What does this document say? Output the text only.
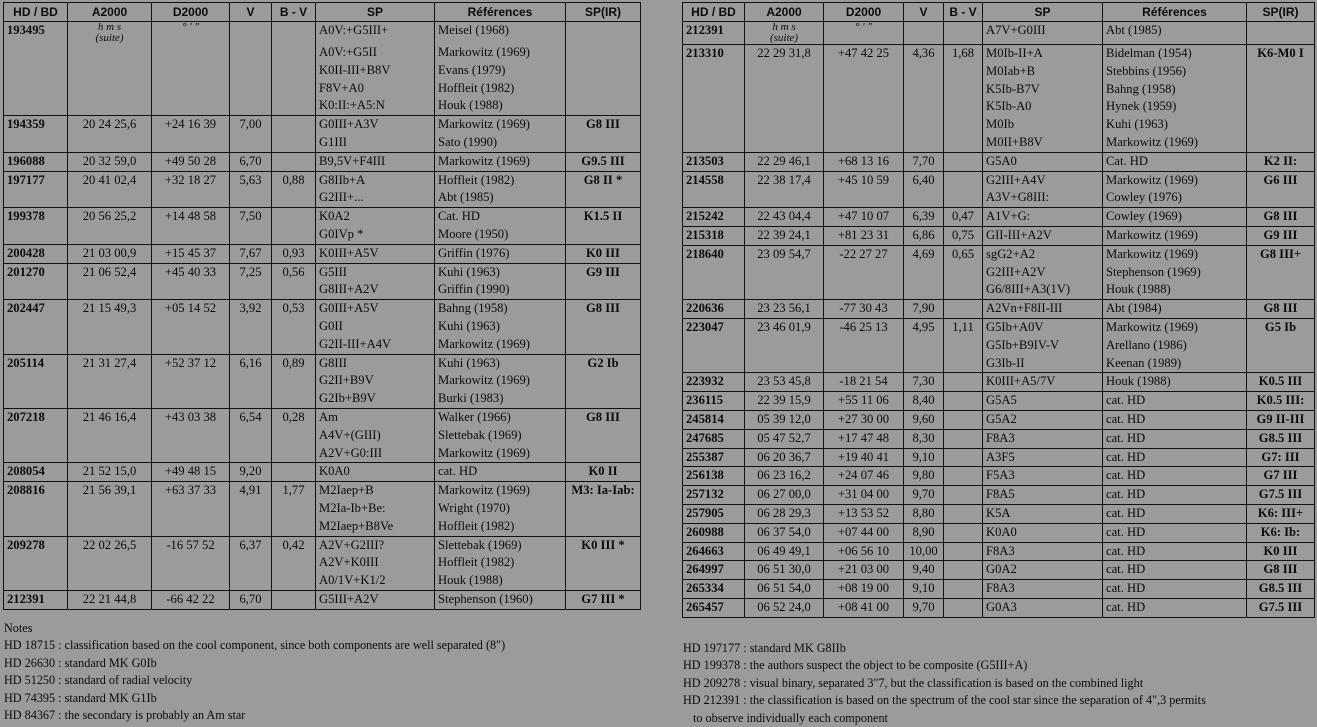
HD / BD	A2000	D2000	V	B - V	SP	Références	SP(IR)
193495	h m s
(suite)	° ' "			A0V:+G5III+	Meisel (1968)	
					A0V:+G5II	Markowitz (1969)	
					K0II-III+B8V	Evans (1979)	
					F8V+A0	Hoffleit (1982)	
					K0:II:+A5:N	Houk (1988)	
194359	20 24 25,6	+24 16 39	7,00		G0III+A3V	Markowitz (1969)	G8 III
					G1III	Sato (1990)	
196088	20 32 59,0	+49 50 28	6,70		B9,5V+F4III	Markowitz (1969)	G9.5 III
197177	20 41 02,4	+32 18 27	5,63	0,88	G8IIb+A	Hoffleit (1982)	G8 II *
					G2III+...	Abt (1985)	
199378	20 56 25,2	+14 48 58	7,50		K0A2	Cat. HD	K1.5 II
					G0IVp *	Moore (1950)	
200428	21 03 00,9	+15 45 37	7,67	0,93	K0III+A5V	Griffin (1976)	K0 III
201270	21 06 52,4	+45 40 33	7,25	0,56	G5III	Kuhi (1963)	G9 III
					G8III+A2V	Griffin (1990)	
202447	21 15 49,3	+05 14 52	3,92	0,53	G0III+A5V	Bahng (1958)	G8 III
					G0II	Kuhi (1963)	
					G2II-III+A4V	Markowitz (1969)	
205114	21 31 27,4	+52 37 12	6,16	0,89	G8III	Kuhi (1963)	G2 Ib
					G2II+B9V	Markowitz (1969)	
					G2Ib+B9V	Burki (1983)	
207218	21 46 16,4	+43 03 38	6,54	0,28	Am	Walker (1966)	G8 III
					A4V+(GIII)	Slettebak (1969)	
					A2V+G0:III	Markowitz (1969)	
208054	21 52 15,0	+49 48 15	9,20		K0A0	cat. HD	K0 II
208816	21 56 39,1	+63 37 33	4,91	1,77	M2Iaep+B	Markowitz (1969)	M3: Ia-Iab:
					M2Ia-Ib+Be:	Wright (1970)	
					M2Iaep+B8Ve	Hoffleit (1982)	
209278	22 02 26,5	-16 57 52	6,37	0,42	A2V+G2III?	Slettebak (1969)	K0 III *
					A2V+K0III	Hoffleit (1982)	
					A0/1V+K1/2	Houk (1988)	
212391	22 21 44,8	-66 42 22	6,70		G5III+A2V	Stephenson (1960)	G7 III *
HD / BD	A2000	D2000	V	B - V	SP	Références	SP(IR)
212391	h m s
(suite)	° ' "			A7V+G0III	Abt (1985)	
213310	22 29 31,8	+47 42 25	4,36	1,68	M0Ib-II+A	Bidelman (1954)	K6-M0 I
					M0Iab+B	Stebbins (1956)	
					K5Ib-B7V	Bahng (1958)	
					K5Ib-A0	Hynek (1959)	
					M0Ib	Kuhi (1963)	
					M0II+B8V	Markowitz (1969)	
213503	22 29 46,1	+68 13 16	7,70		G5A0	Cat. HD	K2 II:
214558	22 38 17,4	+45 10 59	6,40		G2III+A4V	Markowitz (1969)	G6 III
					A3V+G8III:	Cowley (1976)	
215242	22 43 04,4	+47 10 07	6,39	0,47	A1V+G:	Cowley (1969)	G8 III
215318	22 39 24,1	+81 23 31	6,86	0,75	GII-III+A2V	Markowitz (1969)	G9 III
218640	23 09 54,7	-22 27 27	4,69	0,65	sgG2+A2	Markowitz (1969)	G8 III+
					G2III+A2V	Stephenson (1969)	
					G6/8III+A3(1V)	Houk (1988)	
220636	23 23 56,1	-77 30 43	7,90		A2Vn+F8II-III	Abt (1984)	G8 III
223047	23 46 01,9	-46 25 13	4,95	1,11	G5Ib+A0V	Markowitz (1969)	G5 Ib
					G5Ib+B9IV-V	Arellano (1986)	
					G3Ib-II	Keenan (1989)	
223932	23 53 45,8	-18 21 54	7,30		K0III+A5/7V	Houk (1988)	K0.5 III
236115	22 39 15,9	+55 11 06	8,40		G5A5	cat. HD	K0.5 III:
245814	05 39 12,0	+27 30 00	9,60		G5A2	cat. HD	G9 II-III
247685	05 47 52,7	+17 47 48	8,30		F8A3	cat. HD	G8.5 III
255387	06 20 36,7	+19 40 41	9,10		A3F5	cat. HD	G7: III
256138	06 23 16,2	+24 07 46	9,80		F5A3	cat. HD	G7 III
257132	06 27 00,0	+31 04 00	9,70		F8A5	cat. HD	G7.5 III
257905	06 28 29,3	+13 53 52	8,80		K5A	cat. HD	K6: III+
260988	06 37 54,0	+07 44 00	8,90		K0A0	cat. HD	K6: Ib:
264663	06 49 49,1	+06 56 10	10,00		F8A3	cat. HD	K0 III
264997	06 51 30,0	+21 03 00	9,40		G0A2	cat. HD	G8 III
265334	06 51 54,0	+08 19 00	9,10		F8A3	cat. HD	G8.5 III
265457	06 52 24,0	+08 41 00	9,70		G0A3	cat. HD	G7.5 III
Notes
HD 18715 : classification based on the cool component, since both components are well separated (8")
HD 26630 : standard MK G0Ib
HD 51250 : standard of radial velocity
HD 74395 : standard MK G1Ib
HD 84367 : the secondary is probably an Am star
HD 197177 : standard MK G8IIb
HD 199378 : the authors suspect the object to be composite (G5III+A)
HD 209278 : visual binary, separated 3"7, but the classification is based on the combined light
HD 212391 : the classification is based on the spectrum of the cool star since the separation of 4",3 permits
to observe individually each component
